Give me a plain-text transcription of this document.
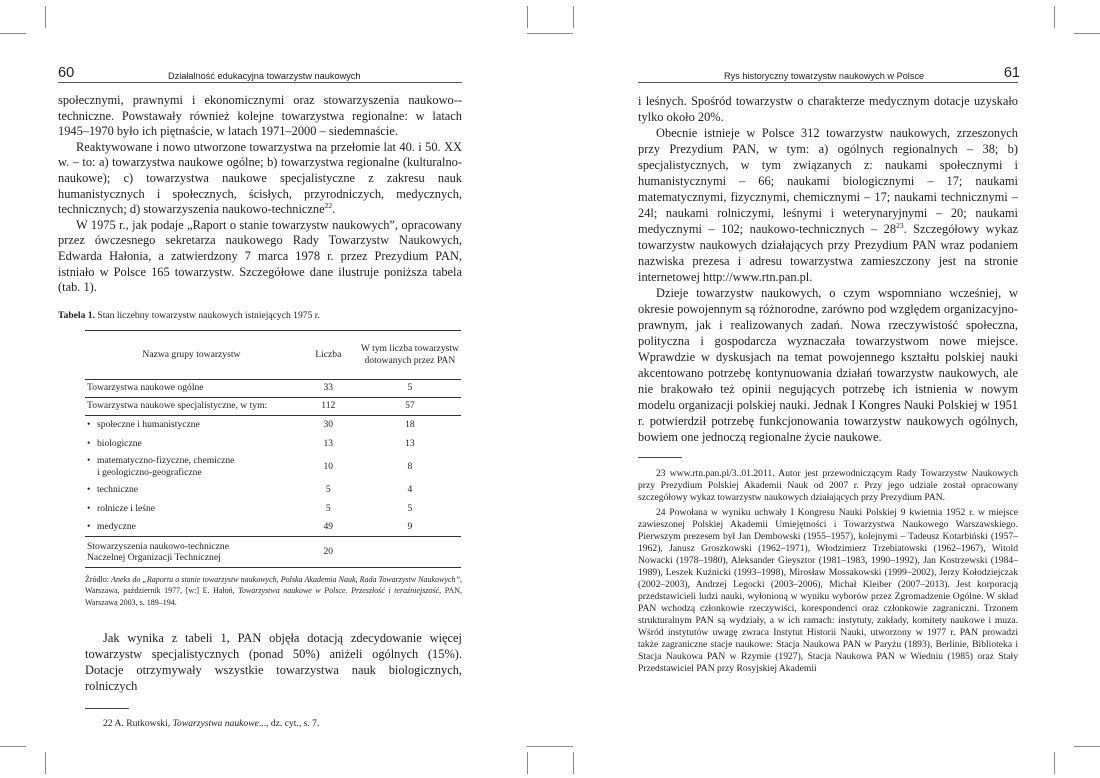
60	Działalność edukacyjna towarzystw naukowych

społecznymi, prawnymi i ekonomicznymi oraz stowarzyszenia naukowo--techniczne. Powstawały również kolejne towarzystwa regionalne: w latach 1945–1970 było ich piętnaście, w latach 1971–2000 – siedemnaście.

Reaktywowane i nowo utworzone towarzystwa na przełomie lat 40. i 50. XX w. – to: a) towarzystwa naukowe ogólne; b) towarzystwa regionalne (kulturalno-naukowe); c) towarzystwa naukowe specjalistyczne z zakresu nauk humanistycznych i społecznych, ścisłych, przyrodniczych, medycznych, technicznych; d) stowarzyszenia naukowo-techniczne$^{22}$.

W 1975 r., jak podaje „Raport o stanie towarzystw naukowych”, opracowany przez ówczesnego sekretarza naukowego Rady Towarzystw Naukowych, Edwarda Hałonia, a zatwierdzony 7 marca 1978 r. przez Prezydium PAN, istniało w Polsce 165 towarzystw. Szczegółowe dane ilustruje poniższa tabela (tab. 1).

Tabela 1. Stan liczebny towarzystw naukowych istniejących 1975 r.
Nazwa grupy towarzystw	Liczba	W tym liczba towarzystw dotowanych przez PAN
Towarzystwa naukowe ogólne	33	5
Towarzystwa naukowe specjalistyczne, w tym:	112	57
• społeczne i humanistyczne	30	18
• biologiczne	13	13
• matematyczno-fizyczne, chemiczne
i geologiczno-geograficzne	10	8
• techniczne	5	4
• rolnicze i leśne	5	5
• medyczne	49	9
Stowarzyszenia naukowo-techniczne
Naczelnej Organizacji Technicznej	20	
Źródło: Aneks do „Raportu o stanie towarzystw naukowych, Polska Akademia Nauk, Rada Towarzystw Naukowych”, Warszawa, październik 1977, [w:] E. Hałoń, Towarzystwa naukowe w Polsce. Przeszłość i teraźniejszość, PAN, Warszawa 2003, s. 189–194.

Jak wynika z tabeli 1, PAN objęła dotacją zdecydowanie więcej towarzystw specjalistycznych (ponad 50%) aniżeli ogólnych (15%). Dotacje otrzymywały wszystkie towarzystwa nauk biologicznych, rolniczych

22 A. Rutkowski, Towarzystwa naukowe..., dz. cyt., s. 7.

Rys historyczny towarzystw naukowych w Polsce	61

i leśnych. Spośród towarzystw o charakterze medycznym dotacje uzyskało tylko około 20%.

Obecnie istnieje w Polsce 312 towarzystw naukowych, zrzeszonych przy Prezydium PAN, w tym: a) ogólnych regionalnych – 38; b) specjalistycznych, w tym związanych z: naukami społecznymi i humanistycznymi – 66; naukami biologicznymi – 17; naukami matematycznymi, fizycznymi, chemicznymi – 17; naukami technicznymi – 24l; naukami rolniczymi, leśnymi i weterynaryjnymi – 20; naukami medycznymi – 102; naukowo-technicznych – $28^{23}$. Szczegółowy wykaz towarzystw naukowych działających przy Prezydium PAN wraz podaniem nazwiska prezesa i adresu towarzystwa zamieszczony jest na stronie internetowej http://www.rtn.pan.pl.

Dzieje towarzystw naukowych, o czym wspomniano wcześniej, w okresie powojennym są różnorodne, zarówno pod względem organizacyjno-prawnym, jak i realizowanych zadań. Nowa rzeczywistość społeczna, polityczna i gospodarcza wyznaczała towarzystwom nowe miejsce. Wprawdzie w dyskusjach na temat powojennego kształtu polskiej nauki akcentowano potrzebę kontynuowania działań towarzystw naukowych, ale nie brakowało też opinii negujących potrzebę ich istnienia w nowym modelu organizacji polskiej nauki. Jednak I Kongres Nauki Polskiej w 1951 r. potwierdził potrzebę funkcjonowania towarzystw naukowych ogólnych, bowiem one jednoczą regionalne życie naukowe.

23 www.rtn.pan.pl/3..01.2011. Autor jest przewodniczącym Rady Towarzystw Naukowych przy Prezydium Polskiej Akademii Nauk od 2007 r. Przy jego udziale został opracowany szczegółowy wykaz towarzystw naukowych działających przy Prezydium PAN.

24 Powołana w wyniku uchwały I Kongresu Nauki Polskiej 9 kwietnia 1952 r. w miejsce zawieszonej Polskiej Akademii Umiejętności i Towarzystwa Naukowego Warszawskiego. Pierwszym prezesem był Jan Dembowski (1955–1957), kolejnymi – Tadeusz Kotarbiński (1957–1962), Janusz Groszkowski (1962–1971), Włodzimierz Trzebiatowski (1962–1967), Witold Nowacki (1978–1980), Aleksander Gieysztor (1981–1983, 1990–1992), Jan Kostrzewski (1984–1989), Leszek Kuźnicki (1993–1998), Mirosław Mossakowski (1999–2002), Jerzy Kołodziejczak (2002–2003), Andrzej Legocki (2003–2006), Michał Kleiber (2007–2013). Jest korporacją przedstawicieli ludzi nauki, wyłonioną w wyniku wyborów przez Zgromadzenie Ogólne. W skład PAN wchodzą członkowie rzeczywiści, korespondenci oraz członkowie zagraniczni. Trzonem strukturalnym PAN są wydziały, a w ich ramach: instytuty, zakłady, komitety naukowe i muza. Wśród instytutów uwagę zwraca Instytut Historii Nauki, utworzony w 1977 r. PAN prowadzi także zagraniczne stacje naukowe: Stacja Naukowa PAN w Paryżu (1893), Berlinie, Biblioteka i Stacja Naukowa PAN w Rzymie (1927), Stacja Naukowa PAN w Wiedniu (1985) oraz Stały Przedstawiciel PAN przy Rosyjskiej Akademii
